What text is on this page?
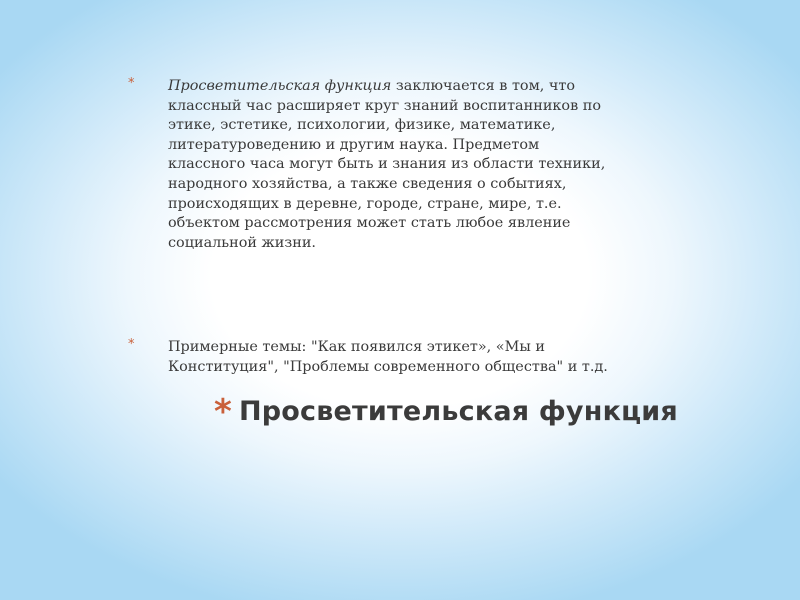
* Просветительская функция заключается в том, что классный час расширяет круг знаний воспитанников по этике, эстетике, психологии, физике, математике, литературоведению и другим наука. Предметом классного часа могут быть и знания из области техники, народного хозяйства, а также сведения о событиях, происходящих в деревне, городе, стране, мире, т.е. объектом рассмотрения может стать любое явление социальной жизни.
* Примерные темы: "Как появился этикет», «Мы и Конституция", "Проблемы современного общества" и т.д.
* Просветительская функция
